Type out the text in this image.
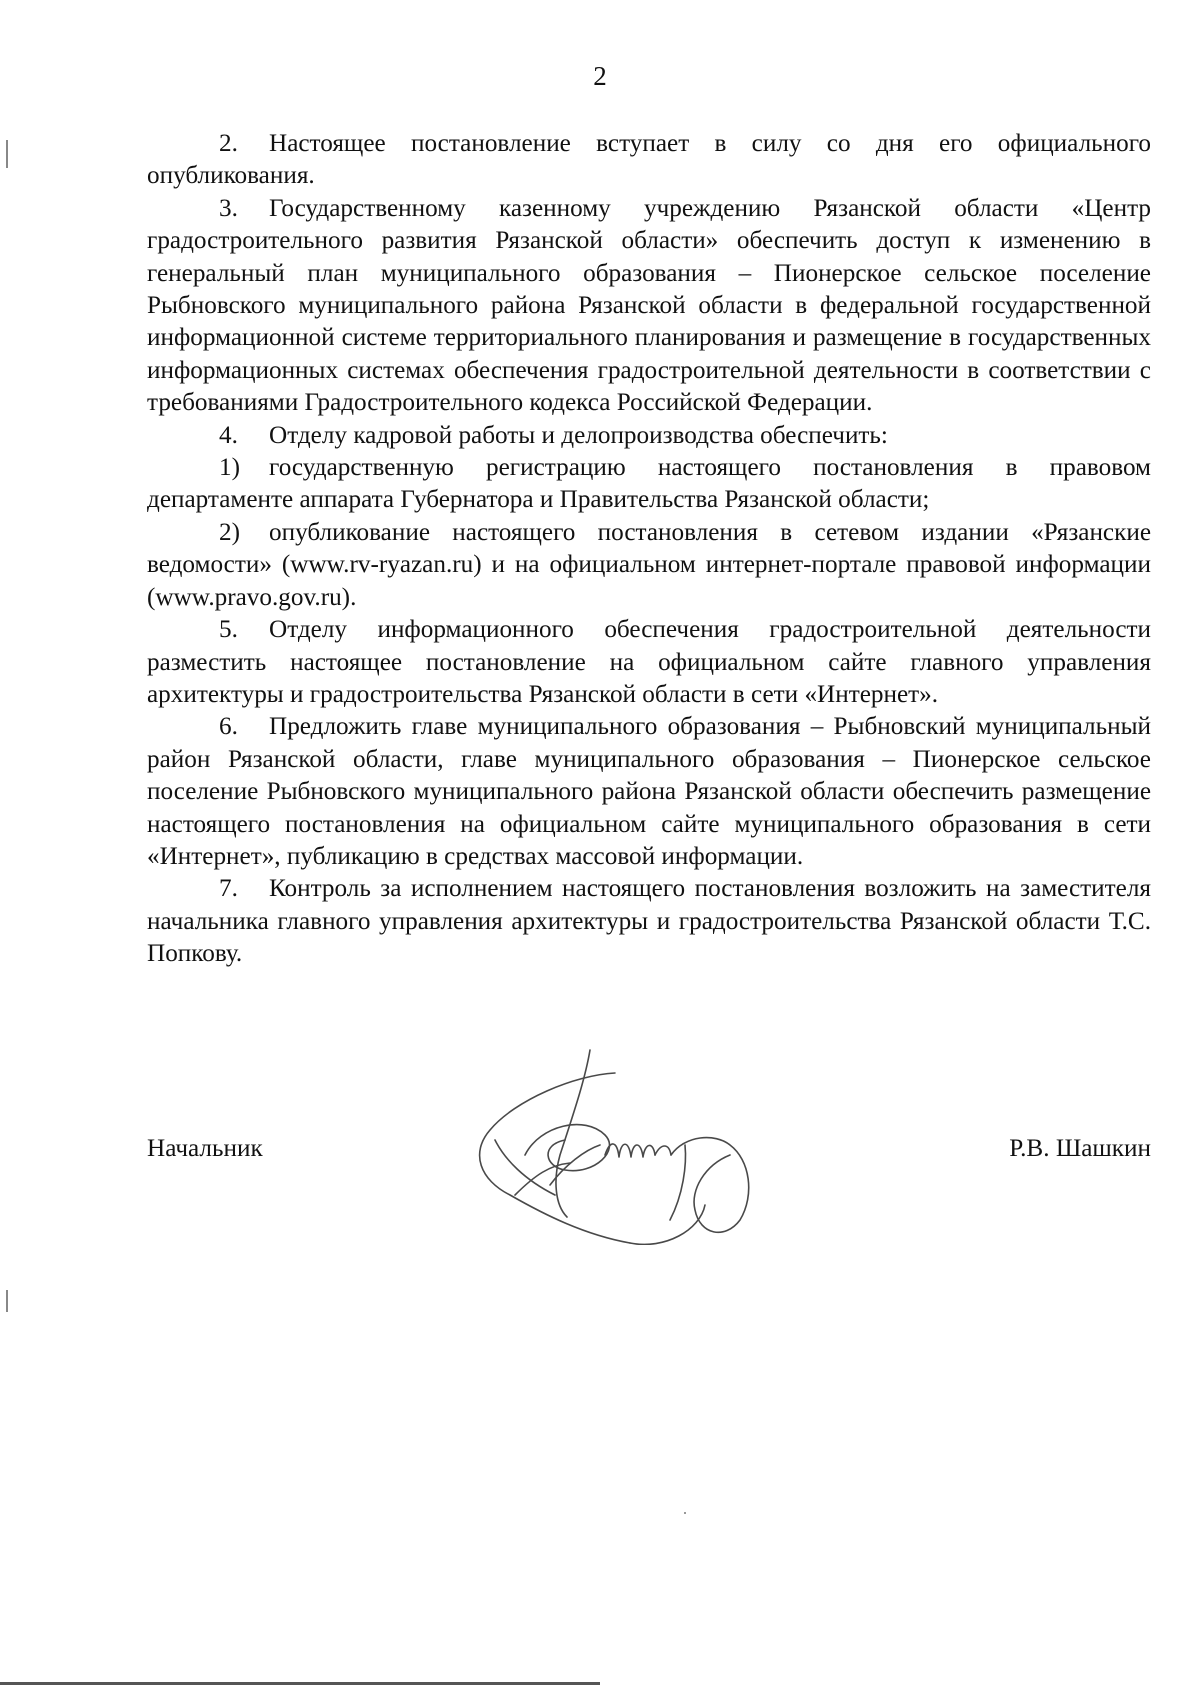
2

2. Настоящее постановление вступает в силу со дня его официального опубликования.

3. Государственному казенному учреждению Рязанской области «Центр градостроительного развития Рязанской области» обеспечить доступ к изменению в генеральный план муниципального образования – Пионерское сельское поселение Рыбновского муниципального района Рязанской области в федеральной государственной информационной системе территориального планирования и размещение в государственных информационных системах обеспечения градостроительной деятельности в соответствии с требованиями Градостроительного кодекса Российской Федерации.

4. Отделу кадровой работы и делопроизводства обеспечить:

1) государственную регистрацию настоящего постановления в правовом департаменте аппарата Губернатора и Правительства Рязанской области;

2) опубликование настоящего постановления в сетевом издании «Рязанские ведомости» (www.rv-ryazan.ru) и на официальном интернет-портале правовой информации (www.pravo.gov.ru).

5. Отделу информационного обеспечения градостроительной деятельности разместить настоящее постановление на официальном сайте главного управления архитектуры и градостроительства Рязанской области в сети «Интернет».

6. Предложить главе муниципального образования – Рыбновский муниципальный район Рязанской области, главе муниципального образования – Пионерское сельское поселение Рыбновского муниципального района Рязанской области обеспечить размещение настоящего постановления на официальном сайте муниципального образования в сети «Интернет», публикацию в средствах массовой информации.

7. Контроль за исполнением настоящего постановления возложить на заместителя начальника главного управления архитектуры и градостроительства Рязанской области Т.С. Попкову.

Начальник	Р.В. Шашкин
